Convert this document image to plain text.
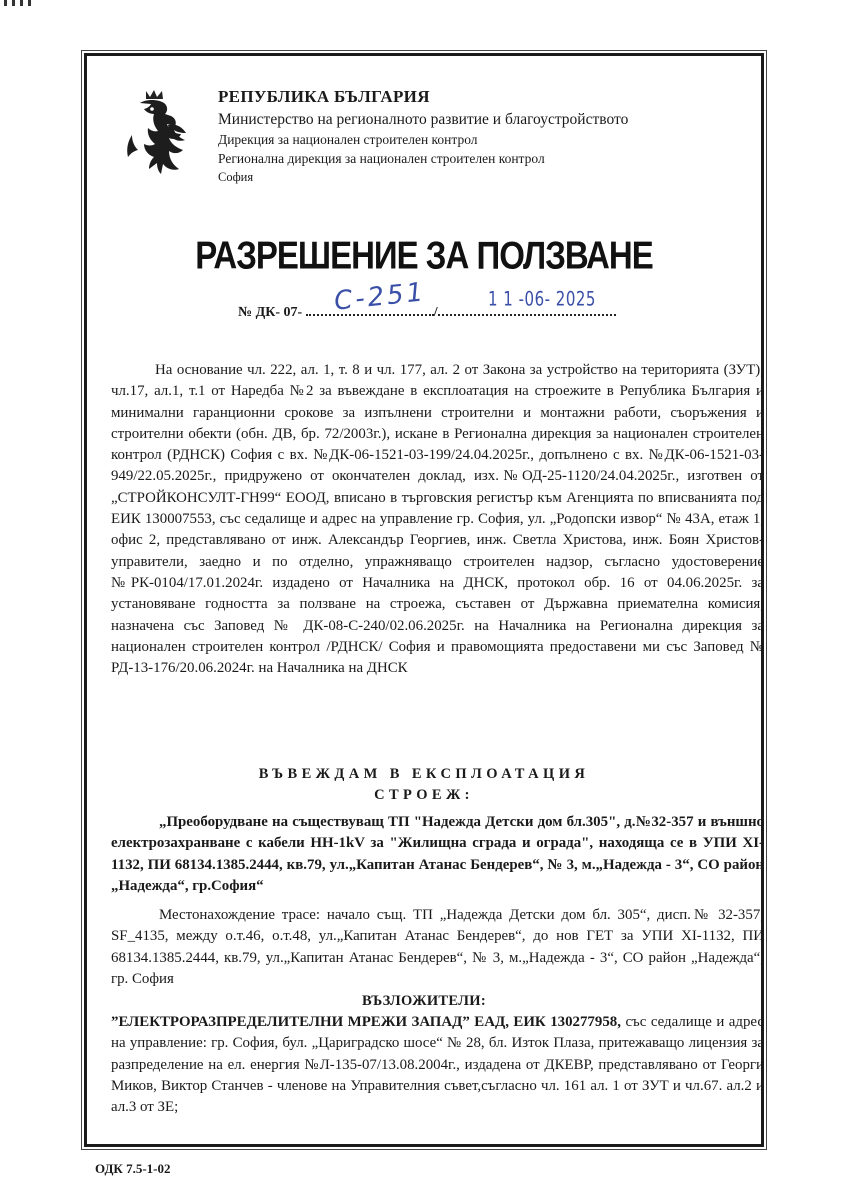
РЕПУБЛИКА БЪЛГАРИЯ
Министерство на регионалното развитие и благоустройството
Дирекция за национален строителен контрол
Регионална дирекция за национален строителен контрол
София
РАЗРЕШЕНИЕ ЗА ПОЛЗВАНЕ
№ ДК- 07-	/
С-251	1 1 -06- 2025
На основание чл. 222, ал. 1, т. 8 и чл. 177, ал. 2 от Закона за устройство на територията (ЗУТ), чл.17, ал.1, т.1 от Наредба №2 за въвеждане в експлоатация на строежите в Република България и минимални гаранционни срокове за изпълнени строителни и монтажни работи, съоръжения и строителни обекти (обн. ДВ, бр. 72/2003г.), искане в Регионална дирекция за национален строителен контрол (РДНСК) София с вх. №ДК-06-1521-03-199/24.04.2025г., допълнено с вх. №ДК-06-1521-03-949/22.05.2025г., придружено от окончателен доклад, изх.№ОД-25-1120/24.04.2025г., изготвен от „СТРОЙКОНСУЛТ-ГН99“ ЕООД, вписано в търговския регистър към Агенцията по вписванията под ЕИК 130007553, със седалище и адрес на управление гр. София, ул. „Родопски извор“ № 43А, етаж 1, офис 2, представлявано от инж. Александър Георгиев, инж. Светла Христова, инж. Боян Христов-управители, заедно и по отделно, упражняващо строителен надзор, съгласно удостоверение №РК-0104/17.01.2024г. издадено от Началника на ДНСК, протокол обр. 16 от 04.06.2025г. за установяване годността за ползване на строежа, съставен от Държавна приемателна комисия, назначена със Заповед № ДК-08-С-240/02.06.2025г. на Началника на Регионална дирекция за национален строителен контрол /РДНСК/ София и правомощията предоставени ми със Заповед № РД-13-176/20.06.2024г. на Началника на ДНСК
ВЪВЕЖДАМ В ЕКСПЛОАТАЦИЯ
СТРОЕЖ:
„Преоборудване на съществуващ ТП "Надежда Детски дом бл.305", д.№32-357 и външно електрозахранване с кабели НН-1kV за "Жилищна сграда и ограда", находяща се в УПИ XI-1132, ПИ 68134.1385.2444, кв.79, ул.„Капитан Атанас Бендерев“, № 3, м.„Надежда - 3“, СО район „Надежда“, гр.София“
Местонахождение трасе: начало същ. ТП „Надежда Детски дом бл. 305“, дисп.№ 32-357, SF_4135, между о.т.46, о.т.48, ул.„Капитан Атанас Бендерев“, до нов ГЕТ за УПИ XI-1132, ПИ 68134.1385.2444, кв.79, ул.„Капитан Атанас Бендерев“, № 3, м.„Надежда - 3“, СО район „Надежда“, гр. София
ВЪЗЛОЖИТЕЛИ:
”ЕЛЕКТРОРАЗПРЕДЕЛИТЕЛНИ МРЕЖИ ЗАПАД” ЕАД, ЕИК 130277958, със седалище и адрес на управление: гр. София, бул. „Цариградско шосе“ № 28, бл. Изток Плаза, притежаващо лицензия за разпределение на ел. енергия №Л-135-07/13.08.2004г., издадена от ДКЕВР, представлявано от Георги Миков, Виктор Станчев - членове на Управителния съвет,съгласно чл. 161 ал. 1 от ЗУТ и чл.67. ал.2 и ал.3 от ЗЕ;
ОДК 7.5-1-02
